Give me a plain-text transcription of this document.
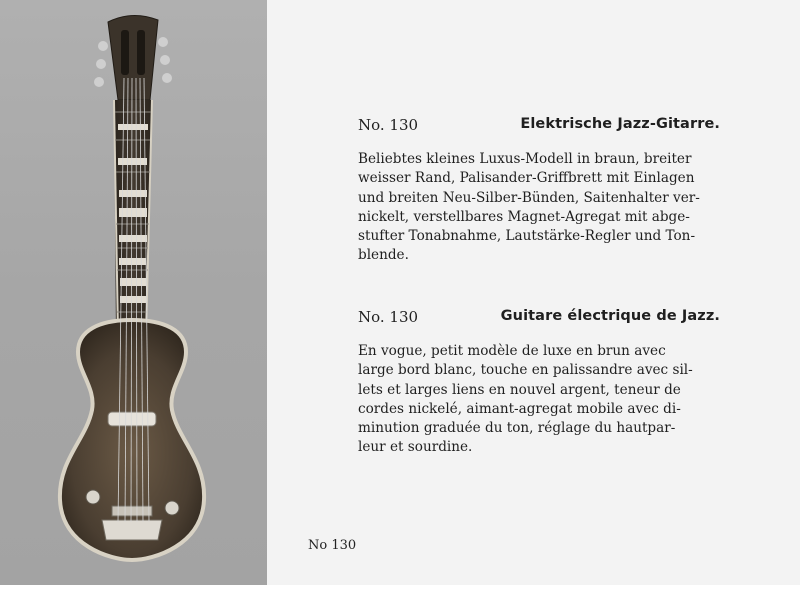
No. 130	Elektrische Jazz-Gitarre.
Beliebtes kleines Luxus-Modell in braun, breiter
weisser Rand, Palisander-Griffbrett mit Einlagen
und breiten Neu-Silber-Bünden, Saitenhalter ver-
nickelt, verstellbares Magnet-Agregat mit abge-
stufter Tonabnahme, Lautstärke-Regler und Ton-
blende.
No. 130	Guitare électrique de Jazz.
En vogue, petit modèle de luxe en brun avec
large bord blanc, touche en palissandre avec sil-
lets et larges liens en nouvel argent, teneur de
cordes nickelé, aimant-agregat mobile avec di-
minution graduée du ton, réglage du hautpar-
leur et sourdine.
No 130
